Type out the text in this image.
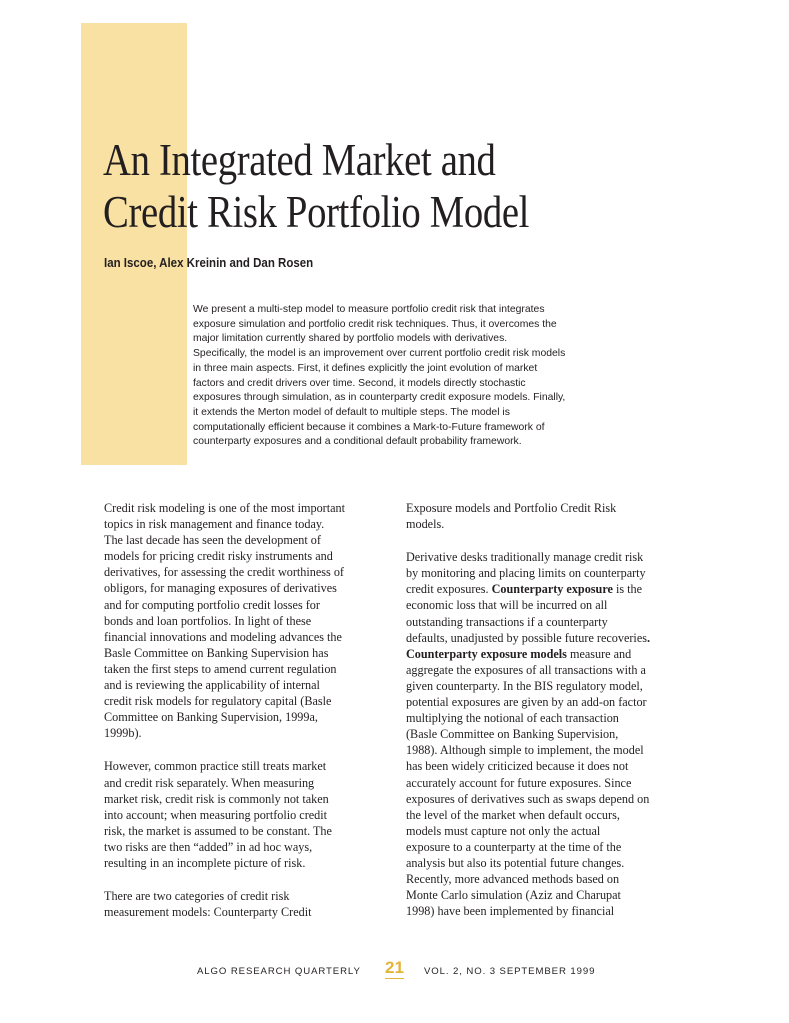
An Integrated Market and
Credit Risk Portfolio Model

Ian Iscoe, Alex Kreinin and Dan Rosen

We present a multi-step model to measure portfolio credit risk that integrates
exposure simulation and portfolio credit risk techniques. Thus, it overcomes the
major limitation currently shared by portfolio models with derivatives.
Specifically, the model is an improvement over current portfolio credit risk models
in three main aspects. First, it defines explicitly the joint evolution of market
factors and credit drivers over time. Second, it models directly stochastic
exposures through simulation, as in counterparty credit exposure models. Finally,
it extends the Merton model of default to multiple steps. The model is
computationally efficient because it combines a Mark-to-Future framework of
counterparty exposures and a conditional default probability framework.

Credit risk modeling is one of the most important
topics in risk management and finance today.
The last decade has seen the development of
models for pricing credit risky instruments and
derivatives, for assessing the credit worthiness of
obligors, for managing exposures of derivatives
and for computing portfolio credit losses for
bonds and loan portfolios. In light of these
financial innovations and modeling advances the
Basle Committee on Banking Supervision has
taken the first steps to amend current regulation
and is reviewing the applicability of internal
credit risk models for regulatory capital (Basle
Committee on Banking Supervision, 1999a,
1999b).

However, common practice still treats market
and credit risk separately. When measuring
market risk, credit risk is commonly not taken
into account; when measuring portfolio credit
risk, the market is assumed to be constant. The
two risks are then “added” in ad hoc ways,
resulting in an incomplete picture of risk.

There are two categories of credit risk
measurement models: Counterparty Credit

Exposure models and Portfolio Credit Risk
models.

Derivative desks traditionally manage credit risk
by monitoring and placing limits on counterparty
credit exposures. Counterparty exposure is the
economic loss that will be incurred on all
outstanding transactions if a counterparty
defaults, unadjusted by possible future recoveries.
Counterparty exposure models measure and
aggregate the exposures of all transactions with a
given counterparty. In the BIS regulatory model,
potential exposures are given by an add-on factor
multiplying the notional of each transaction
(Basle Committee on Banking Supervision,
1988). Although simple to implement, the model
has been widely criticized because it does not
accurately account for future exposures. Since
exposures of derivatives such as swaps depend on
the level of the market when default occurs,
models must capture not only the actual
exposure to a counterparty at the time of the
analysis but also its potential future changes.
Recently, more advanced methods based on
Monte Carlo simulation (Aziz and Charupat
1998) have been implemented by financial

ALGO RESEARCH QUARTERLY 21 VOL. 2, NO. 3 SEPTEMBER 1999
